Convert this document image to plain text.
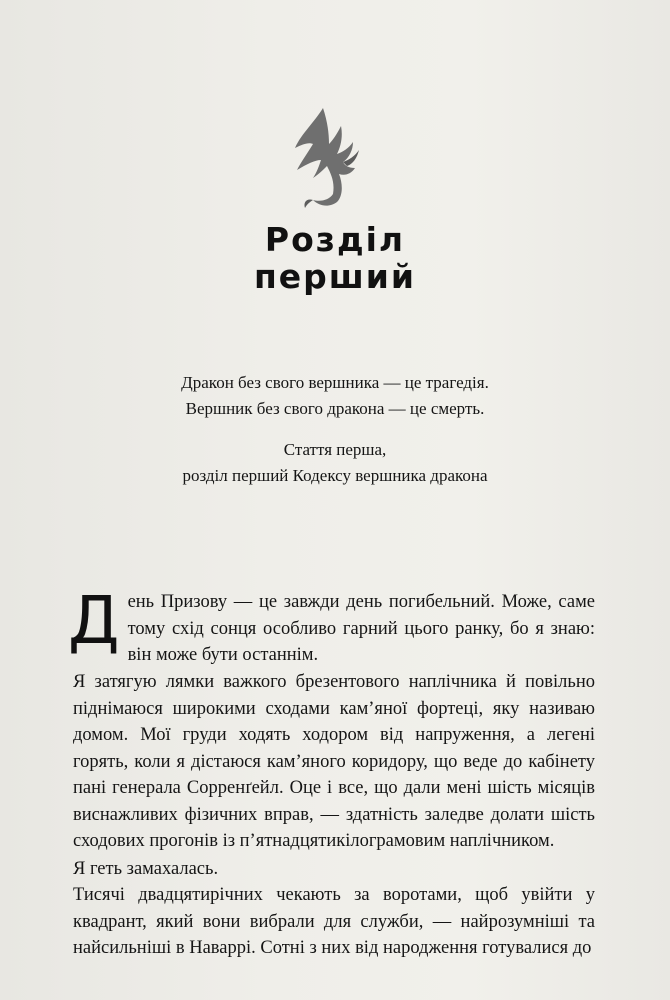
Розділ
перший
Дракон без свого вершника — це трагедія.
Вершник без свого дракона — це смерть.
Стаття перша,
розділ перший Кодексу вершника дракона
Д ень Призову — це завжди день погибельний. Може, саме тому схід сонця особливо гарний цього ранку, бо я знаю: він може бути останнім.

Я затягую лямки важкого брезентового наплічника й повільно піднімаюся широкими сходами кам’яної фортеці, яку називаю домом. Мої груди ходять ходором від напруження, а легені горять, коли я дістаюся кам’яного коридору, що веде до кабінету пані генерала Сорренґейл. Оце і все, що дали мені шість місяців виснажливих фізичних вправ, — здатність заледве долати шість сходових прогонів із п’ятнадцятикілограмовим наплічником.

Я геть замахалась.

Тисячі двадцятирічних чекають за воротами, щоб увійти у квадрант, який вони вибрали для служби, — найрозумніші та найсильніші в Наваррі. Сотні з них від народження готувалися до
